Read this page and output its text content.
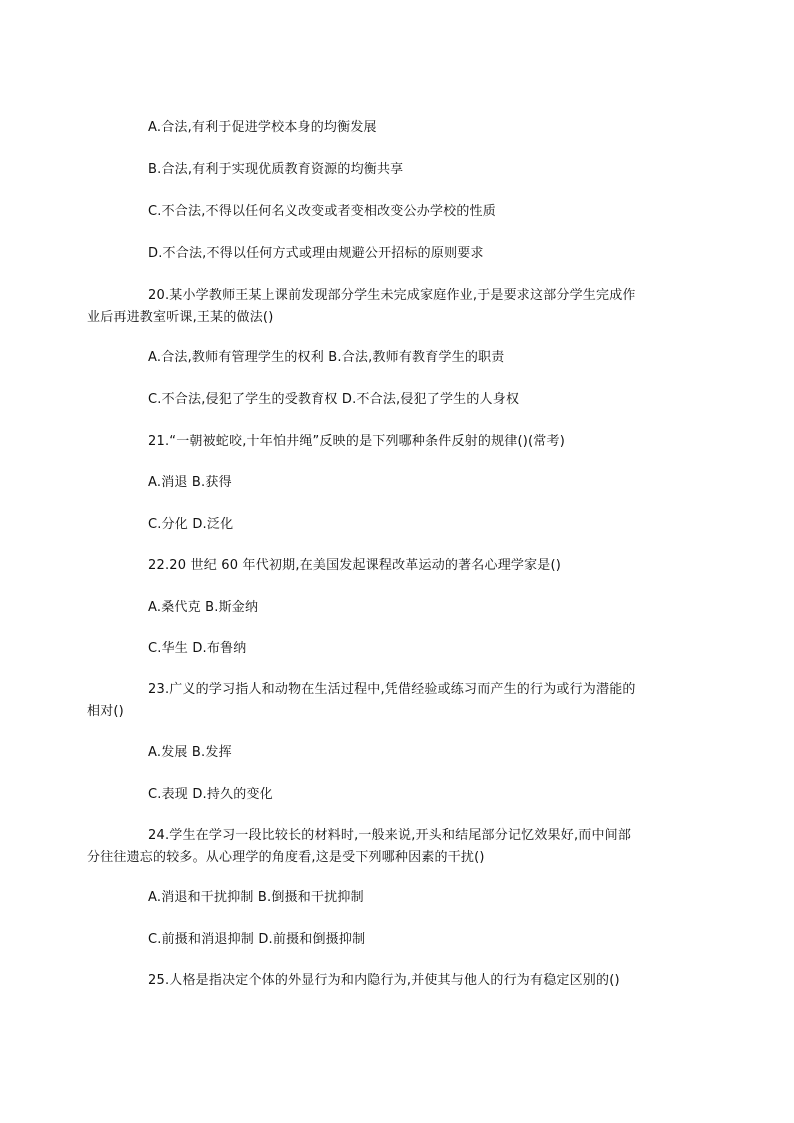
A.合法,有利于促进学校本身的均衡发展
B.合法,有利于实现优质教育资源的均衡共享
C.不合法,不得以任何名义改变或者变相改变公办学校的性质
D.不合法,不得以任何方式或理由规避公开招标的原则要求
20.某小学教师王某上课前发现部分学生未完成家庭作业,于是要求这部分学生完成作
业后再进教室听课,王某的做法()
A.合法,教师有管理学生的权利 B.合法,教师有教育学生的职责
C.不合法,侵犯了学生的受教育权 D.不合法,侵犯了学生的人身权
21.“一朝被蛇咬,十年怕井绳”反映的是下列哪种条件反射的规律()(常考)
A.消退 B.获得
C.分化 D.泛化
22.20 世纪 60 年代初期,在美国发起课程改革运动的著名心理学家是()
A.桑代克 B.斯金纳
C.华生 D.布鲁纳
23.广义的学习指人和动物在生活过程中,凭借经验或练习而产生的行为或行为潜能的
相对()
A.发展 B.发挥
C.表现 D.持久的变化
24.学生在学习一段比较长的材料时,一般来说,开头和结尾部分记忆效果好,而中间部
分往往遗忘的较多。从心理学的角度看,这是受下列哪种因素的干扰()
A.消退和干扰抑制 B.倒摄和干扰抑制
C.前摄和消退抑制 D.前摄和倒摄抑制
25.人格是指决定个体的外显行为和内隐行为,并使其与他人的行为有稳定区别的()
